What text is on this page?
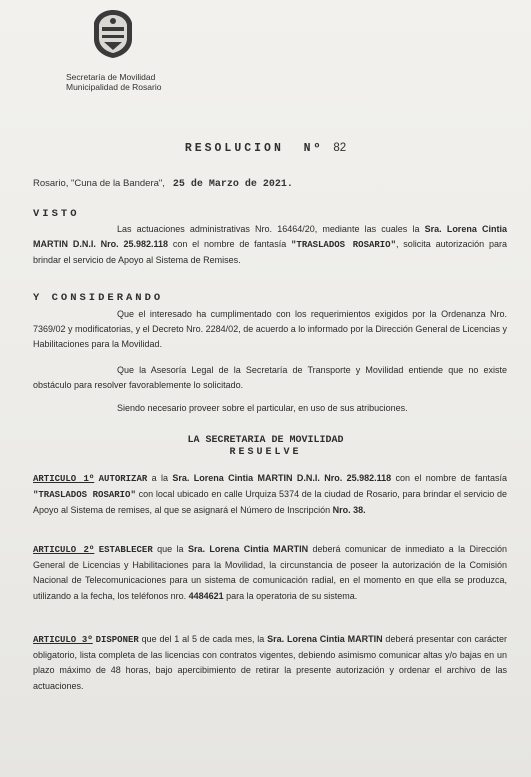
Secretaría de Movilidad
Municipalidad de Rosario
RESOLUCION Nº 82
Rosario, "Cuna de la Bandera", 25 de Marzo de 2021.
VISTO

Las actuaciones administrativas Nro. 16464/20, mediante las cuales la Sra. Lorena Cintia MARTIN D.N.I. Nro. 25.982.118 con el nombre de fantasía "TRASLADOS ROSARIO", solicita autorización para brindar el servicio de Apoyo al Sistema de Remises.

Y CONSIDERANDO

Que el interesado ha cumplimentado con los requerimientos exigidos por la Ordenanza Nro. 7369/02 y modificatorias, y el Decreto Nro. 2284/02, de acuerdo a lo informado por la Dirección General de Licencias y Habilitaciones para la Movilidad.

Que la Asesoría Legal de la Secretaría de Transporte y Movilidad entiende que no existe obstáculo para resolver favorablemente lo solicitado.

Siendo necesario proveer sobre el particular, en uso de sus atribuciones.

LA SECRETARIA DE MOVILIDAD
RESUELVE

ARTICULO 1º AUTORIZAR a la Sra. Lorena Cintia MARTIN D.N.I. Nro. 25.982.118 con el nombre de fantasía "TRASLADOS ROSARIO" con local ubicado en calle Urquiza 5374 de la ciudad de Rosario, para brindar el servicio de Apoyo al Sistema de remises, al que se asignará el Número de Inscripción Nro. 38.

ARTICULO 2º ESTABLECER que la Sra. Lorena Cintia MARTIN deberá comunicar de inmediato a la Dirección General de Licencias y Habilitaciones para la Movilidad, la circunstancia de poseer la autorización de la Comisión Nacional de Telecomunicaciones para un sistema de comunicación radial, en el momento en que ella se produzca, utilizando a la fecha, los teléfonos nro. 4484621 para la operatoria de su sistema.

ARTICULO 3º DISPONER que del 1 al 5 de cada mes, la Sra. Lorena Cintia MARTIN deberá presentar con carácter obligatorio, lista completa de las licencias con contratos vigentes, debiendo asimismo comunicar altas y/o bajas en un plazo máximo de 48 horas, bajo apercibimiento de retirar la presente autorización y ordenar el archivo de las actuaciones.
